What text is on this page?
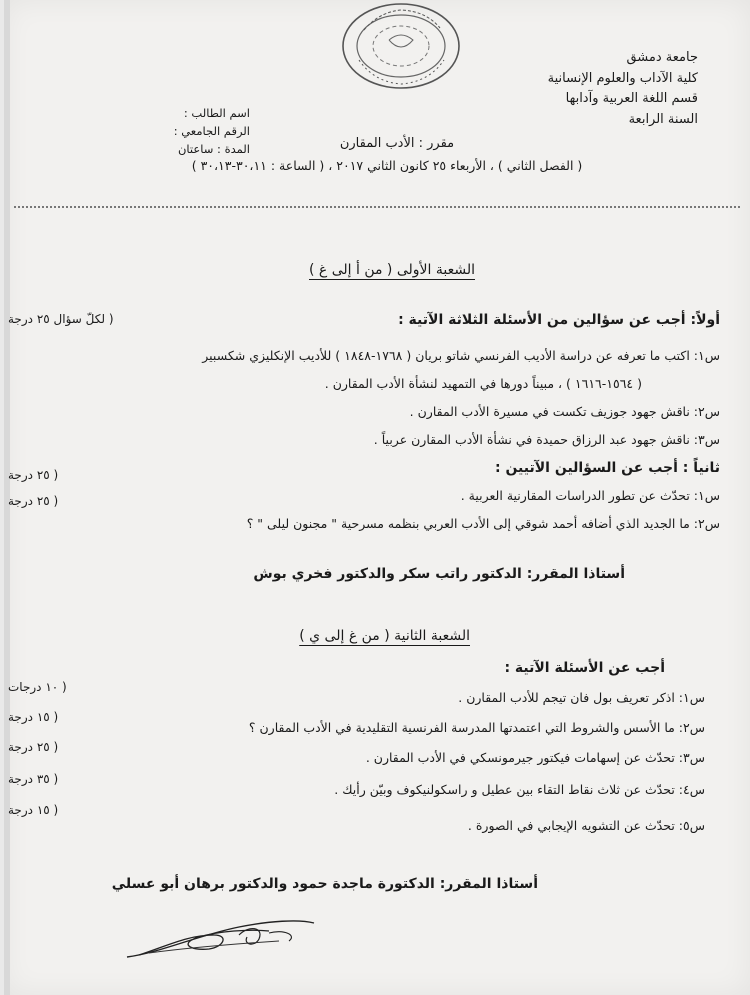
جامعة دمشق
كلية الآداب والعلوم الإنسانية
قسم اللغة العربية وآدابها
السنة الرابعة
اسم الطالب :
الرقم الجامعي :
المدة : ساعتان	مقرر : الأدب المقارن
( الفصل الثاني ) ، الأربعاء ٢٥ كانون الثاني ٢٠١٧ ، ( الساعة : ٣٠،١١-٣٠،١٣ )
الشعبة الأولى ( من أ إلى غ )
أولاً: أجب عن سؤالين من الأسئلة الثلاثة الآتية :
( لكلّ سؤال ٢٥ درجة
س١: اكتب ما تعرفه عن دراسة الأديب الفرنسي شاتو بريان ( ١٧٦٨-١٨٤٨ ) للأديب الإنكليزي شكسبير
( ١٥٦٤-١٦١٦ ) ، مبيناً دورها في التمهيد لنشأة الأدب المقارن .
س٢: ناقش جهود جوزيف تكست في مسيرة الأدب المقارن .
س٣: ناقش جهود عبد الرزاق حميدة في نشأة الأدب المقارن عربياً .
ثانياً : أجب عن السؤالين الآتيين :
س١: تحدّث عن تطور الدراسات المقارنية العربية .
( ٢٥ درجة
س٢: ما الجديد الذي أضافه أحمد شوقي إلى الأدب العربي بنظمه مسرحية " مجنون ليلى " ؟
( ٢٥ درجة
أستاذا المقرر: الدكتور راتب سكر والدكتور فخري بوش
الشعبة الثانية ( من غ إلى ي )
أجب عن الأسئلة الآتية :
س١: اذكر تعريف بول فان تيجم للأدب المقارن .
( ١٠ درجات
س٢: ما الأسس والشروط التي اعتمدتها المدرسة الفرنسية التقليدية في الأدب المقارن ؟
( ١٥ درجة
س٣: تحدّث عن إسهامات فيكتور جيرمونسكي في الأدب المقارن .
( ٢٥ درجة
س٤: تحدّث عن ثلاث نقاط التقاء بين عطيل و راسكولنيكوف وبيّن رأيك .
( ٣٥ درجة
س٥: تحدّث عن التشويه الإيجابي في الصورة .
( ١٥ درجة
أستاذا المقرر: الدكتورة ماجدة حمود والدكتور برهان أبو عسلي
